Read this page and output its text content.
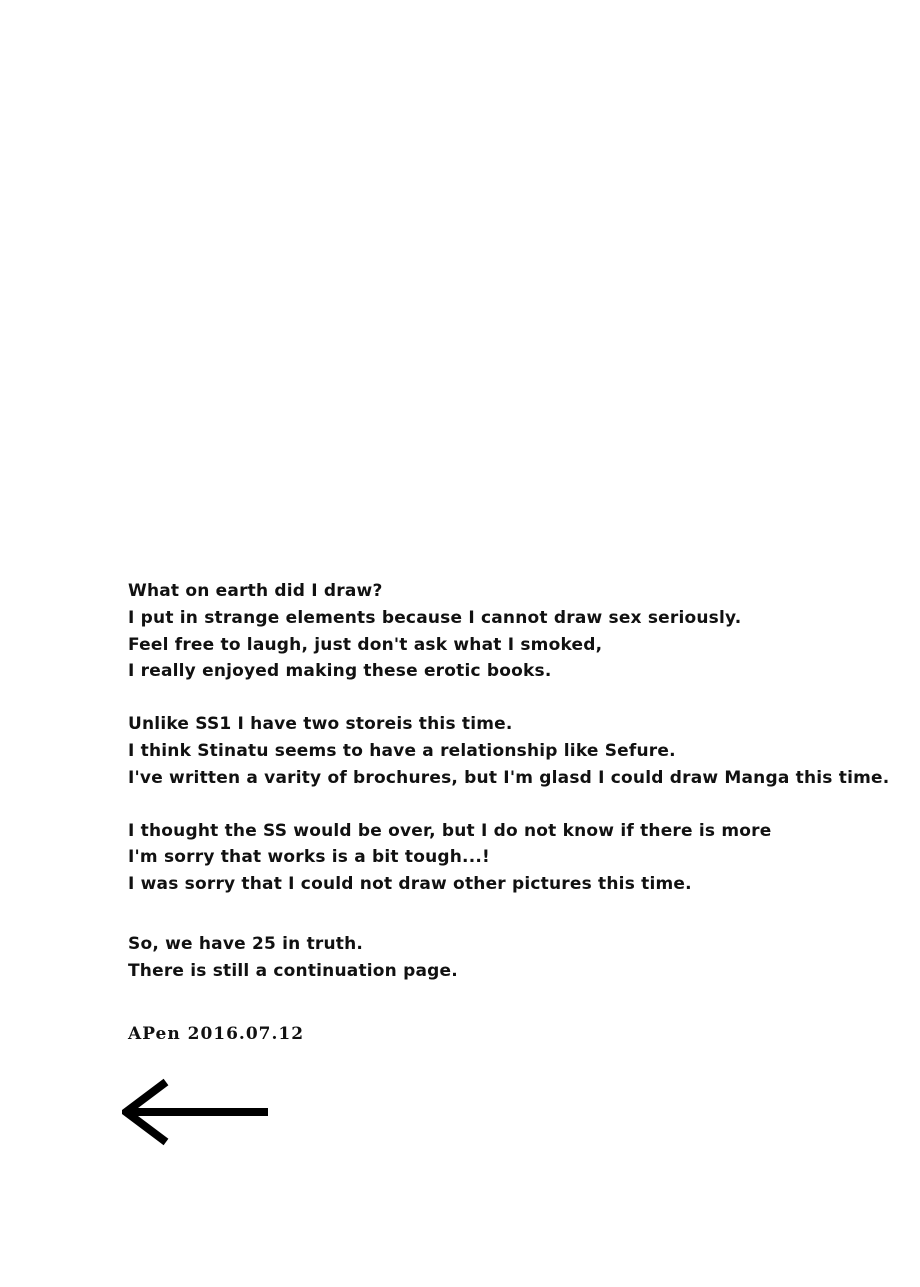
What on earth did I draw?
I put in strange elements because I cannot draw sex seriously.
Feel free to laugh, just don't ask what I smoked,
I really enjoyed making these erotic books.
Unlike SS1 I have two storeis this time.
I think Stinatu seems to have a relationship like Sefure.
I've written a varity of brochures, but I'm glasd I could draw Manga this time.
I thought the SS would be over, but I do not know if there is more
I'm sorry that works is a bit tough...!
I was sorry that I could not draw other pictures this time.
So, we have 25 in truth.
There is still a continuation page.
APen 2016.07.12
